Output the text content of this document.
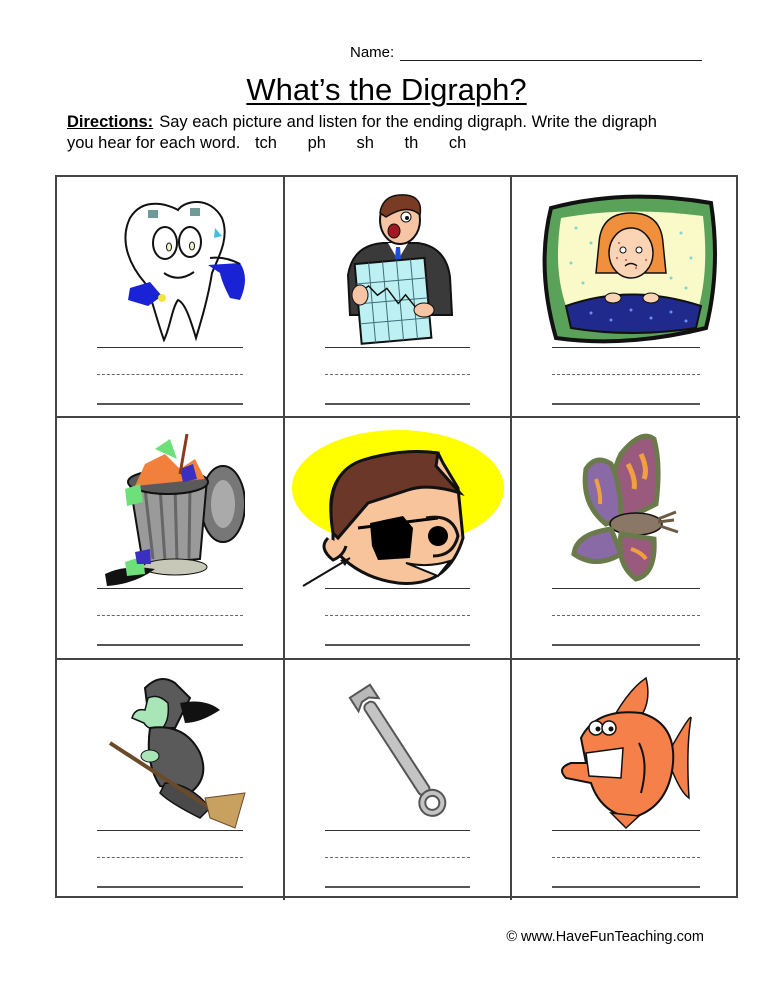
Name:
What’s the Digraph?
Directions: Say each picture and listen for the ending digraph. Write the digraph you hear for each word. tch ph sh th ch
© www.HaveFunTeaching.com
